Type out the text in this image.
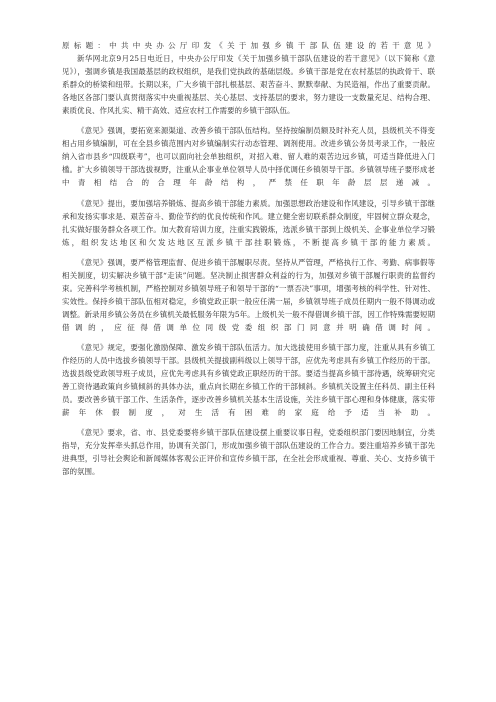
原标题：中共中央办公厅印发《关于加强乡镇干部队伍建设的若干意见》

新华网北京9月25日电近日，中央办公厅印发《关于加强乡镇干部队伍建设的若干意见》（以下简称《意见》），强调乡镇是我国最基层的政权组织，是我们党执政的基础层级。乡镇干部是党在农村基层的执政骨干、联系群众的桥梁和纽带。长期以来，广大乡镇干部扎根基层、艰苦奋斗、默默奉献、为民造福，作出了重要贡献。各地区各部门要认真贯彻落实中央重视基层、关心基层、支持基层的要求，努力建设一支数量充足、结构合理、素质优良、作风扎实、精干高效、适应农村工作需要的乡镇干部队伍。

《意见》强调，要拓宽来源渠道、改善乡镇干部队伍结构。坚持按编制员额及时补充人员，县级机关不得变相占用乡镇编制，可在全县乡镇范围内对乡镇编制实行动态管理、调剂使用。改进乡镇公务员考录工作，一般应纳入省市县乡“四级联考”，也可以面向社会单独组织，对招入难、留人难的艰苦边远乡镇，可适当降低进入门槛。扩大乡镇领导干部选拔视野，注重从企事业单位领导人员中择优调任乡镇领导干部。乡镇领导班子要形成老中青相结合的合理年龄结构，严禁任职年龄层层递减。

《意见》提出，要加强培养锻炼、提高乡镇干部能力素质。加强思想政治建设和作风建设，引导乡镇干部继承和发扬实事求是、艰苦奋斗、勤俭节约的优良传统和作风。建立健全密切联系群众制度，牢固树立群众观念，扎实做好服务群众各项工作。加大教育培训力度，注重实践锻炼，选派乡镇干部到上级机关、企事业单位学习锻炼，组织发达地区和欠发达地区互派乡镇干部挂职锻炼，不断提高乡镇干部的能力素质。

《意见》强调，要严格管理监督、促进乡镇干部履职尽责。坚持从严管理，严格执行工作、考勤、病事假等相关制度，切实解决乡镇干部“走读”问题。坚决制止损害群众利益的行为，加强对乡镇干部履行职责的监督约束。完善科学考核机制，严格控制对乡镇领导班子和领导干部的“一票否决”事项，增强考核的科学性、针对性、实效性。保持乡镇干部队伍相对稳定，乡镇党政正职一般应任满一届，乡镇领导班子成员任期内一般不得调动或调整。新录用乡镇公务员在乡镇机关最低服务年限为5年。上级机关一般不得借调乡镇干部，因工作特殊需要短期借调的，应征得借调单位同级党委组织部门同意并明确借调时间。

《意见》规定，要强化激励保障、激发乡镇干部队伍活力。加大选拔使用乡镇干部力度，注重从具有乡镇工作经历的人员中选拔乡镇领导干部。县级机关提拔副科级以上领导干部，应优先考虑具有乡镇工作经历的干部。选拔县级党政领导班子成员，应优先考虑具有乡镇党政正职经历的干部。要适当提高乡镇干部待遇，统筹研究完善工资待遇政策向乡镇倾斜的具体办法，重点向长期在乡镇工作的干部倾斜。乡镇机关设置主任科员、副主任科员。要改善乡镇干部工作、生活条件，逐步改善乡镇机关基本生活设施，关注乡镇干部心理和身体健康，落实带薪年休假制度，对生活有困难的家庭给予适当补助。

《意见》要求，省、市、县党委要将乡镇干部队伍建设摆上重要议事日程，党委组织部门要因地制宜，分类指导，充分发挥牵头抓总作用，协调有关部门，形成加强乡镇干部队伍建设的工作合力。要注重培养乡镇干部先进典型，引导社会舆论和新闻媒体客观公正评价和宣传乡镇干部，在全社会形成重视、尊重、关心、支持乡镇干部的氛围。
